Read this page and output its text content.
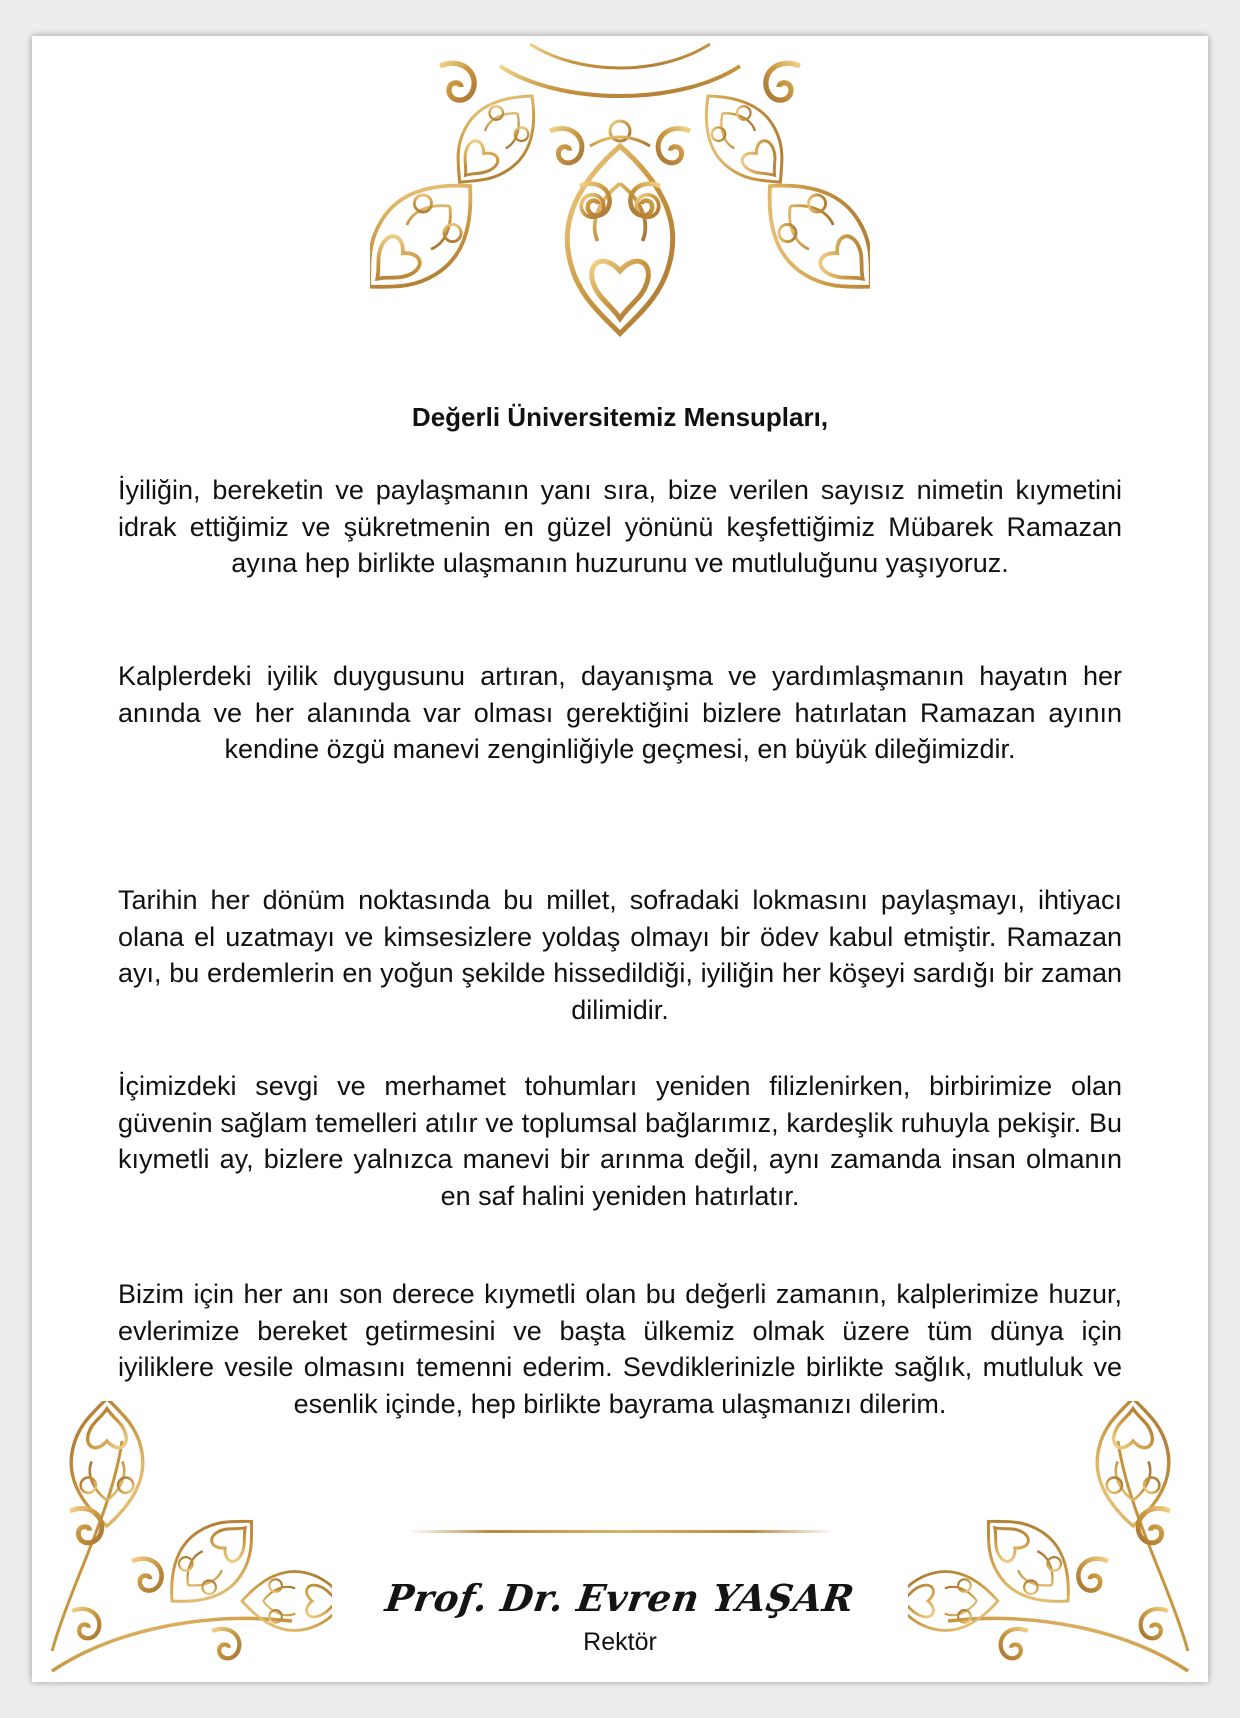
Değerli Üniversitemiz Mensupları,

İyiliğin, bereketin ve paylaşmanın yanı sıra, bize verilen sayısız nimetin kıymetini idrak ettiğimiz ve şükretmenin en güzel yönünü keşfettiğimiz Mübarek Ramazan ayına hep birlikte ulaşmanın huzurunu ve mutluluğunu yaşıyoruz.

Kalplerdeki iyilik duygusunu artıran, dayanışma ve yardımlaşmanın hayatın her anında ve her alanında var olması gerektiğini bizlere hatırlatan Ramazan ayının kendine özgü manevi zenginliğiyle geçmesi, en büyük dileğimizdir.

Tarihin her dönüm noktasında bu millet, sofradaki lokmasını paylaşmayı, ihtiyacı olana el uzatmayı ve kimsesizlere yoldaş olmayı bir ödev kabul etmiştir. Ramazan ayı, bu erdemlerin en yoğun şekilde hissedildiği, iyiliğin her köşeyi sardığı bir zaman dilimidir.

İçimizdeki sevgi ve merhamet tohumları yeniden filizlenirken, birbirimize olan güvenin sağlam temelleri atılır ve toplumsal bağlarımız, kardeşlik ruhuyla pekişir. Bu kıymetli ay, bizlere yalnızca manevi bir arınma değil, aynı zamanda insan olmanın en saf halini yeniden hatırlatır.

Bizim için her anı son derece kıymetli olan bu değerli zamanın, kalplerimize huzur, evlerimize bereket getirmesini ve başta ülkemiz olmak üzere tüm dünya için iyiliklere vesile olmasını temenni ederim. Sevdiklerinizle birlikte sağlık, mutluluk ve esenlik içinde, hep birlikte bayrama ulaşmanızı dilerim.

Prof. Dr. Evren YAŞAR
Rektör
